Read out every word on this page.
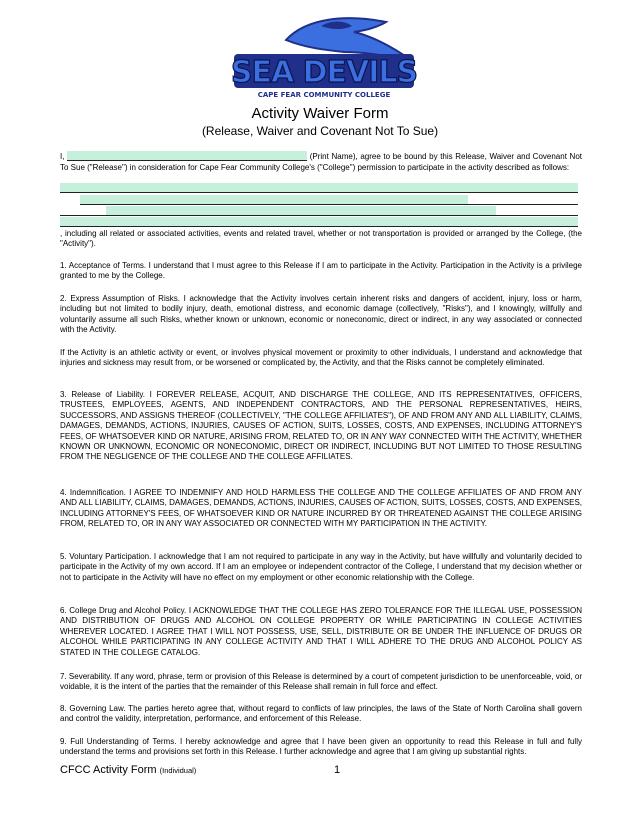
SEA DEVILS
CAPE FEAR COMMUNITY COLLEGE
Activity Waiver Form
(Release, Waiver and Covenant Not To Sue)
I,	(Print Name), agree to be bound by this Release, Waiver and Covenant Not To Sue ("Release") in consideration for Cape Fear Community College's ("College") permission to participate in the activity described as follows:
, including all related or associated activities, events and related travel, whether or not transportation is provided or arranged by the College, (the "Activity").
1. Acceptance of Terms. I understand that I must agree to this Release if I am to participate in the Activity. Participation in the Activity is a privilege granted to me by the College.
2. Express Assumption of Risks. I acknowledge that the Activity involves certain inherent risks and dangers of accident, injury, loss or harm, including but not limited to bodily injury, death, emotional distress, and economic damage (collectively, "Risks"), and I knowingly, willfully and voluntarily assume all such Risks, whether known or unknown, economic or noneconomic, direct or indirect, in any way associated or connected with the Activity.
If the Activity is an athletic activity or event, or involves physical movement or proximity to other individuals, I understand and acknowledge that injuries and sickness may result from, or be worsened or complicated by, the Activity, and that the Risks cannot be completely eliminated.
3. Release of Liability. I FOREVER RELEASE, ACQUIT, AND DISCHARGE THE COLLEGE, AND ITS REPRESENTATIVES, OFFICERS, TRUSTEES, EMPLOYEES, AGENTS, AND INDEPENDENT CONTRACTORS, AND THE PERSONAL REPRESENTATIVES, HEIRS, SUCCESSORS, AND ASSIGNS THEREOF (COLLECTIVELY, "THE COLLEGE AFFILIATES"), OF AND FROM ANY AND ALL LIABILITY, CLAIMS, DAMAGES, DEMANDS, ACTIONS, INJURIES, CAUSES OF ACTION, SUITS, LOSSES, COSTS, AND EXPENSES, INCLUDING ATTORNEY'S FEES, OF WHATSOEVER KIND OR NATURE, ARISING FROM, RELATED TO, OR IN ANY WAY CONNECTED WITH THE ACTIVITY, WHETHER KNOWN OR UNKNOWN, ECONOMIC OR NONECONOMIC, DIRECT OR INDIRECT, INCLUDING BUT NOT LIMITED TO THOSE RESULTING FROM THE NEGLIGENCE OF THE COLLEGE AND THE COLLEGE AFFILIATES.
4. Indemnification. I AGREE TO INDEMNIFY AND HOLD HARMLESS THE COLLEGE AND THE COLLEGE AFFILIATES OF AND FROM ANY AND ALL LIABILITY, CLAIMS, DAMAGES, DEMANDS, ACTIONS, INJURIES, CAUSES OF ACTION, SUITS, LOSSES, COSTS, AND EXPENSES, INCLUDING ATTORNEY'S FEES, OF WHATSOEVER KIND OR NATURE INCURRED BY OR THREATENED AGAINST THE COLLEGE ARISING FROM, RELATED TO, OR IN ANY WAY ASSOCIATED OR CONNECTED WITH MY PARTICIPATION IN THE ACTIVITY.
5. Voluntary Participation. I acknowledge that I am not required to participate in any way in the Activity, but have willfully and voluntarily decided to participate in the Activity of my own accord. If I am an employee or independent contractor of the College, I understand that my decision whether or not to participate in the Activity will have no effect on my employment or other economic relationship with the College.
6. College Drug and Alcohol Policy. I ACKNOWLEDGE THAT THE COLLEGE HAS ZERO TOLERANCE FOR THE ILLEGAL USE, POSSESSION AND DISTRIBUTION OF DRUGS AND ALCOHOL ON COLLEGE PROPERTY OR WHILE PARTICIPATING IN COLLEGE ACTIVITIES WHEREVER LOCATED. I AGREE THAT I WILL NOT POSSESS, USE, SELL, DISTRIBUTE OR BE UNDER THE INFLUENCE OF DRUGS OR ALCOHOL WHILE PARTICIPATING IN ANY COLLEGE ACTIVITY AND THAT I WILL ADHERE TO THE DRUG AND ALCOHOL POLICY AS STATED IN THE COLLEGE CATALOG.
7. Severability. If any word, phrase, term or provision of this Release is determined by a court of competent jurisdiction to be unenforceable, void, or voidable, it is the intent of the parties that the remainder of this Release shall remain in full force and effect.
8. Governing Law. The parties hereto agree that, without regard to conflicts of law principles, the laws of the State of North Carolina shall govern and control the validity, interpretation, performance, and enforcement of this Release.
9. Full Understanding of Terms. I hereby acknowledge and agree that I have been given an opportunity to read this Release in full and fully understand the terms and provisions set forth in this Release. I further acknowledge and agree that I am giving up substantial rights.
CFCC Activity Form (Individual)	1
